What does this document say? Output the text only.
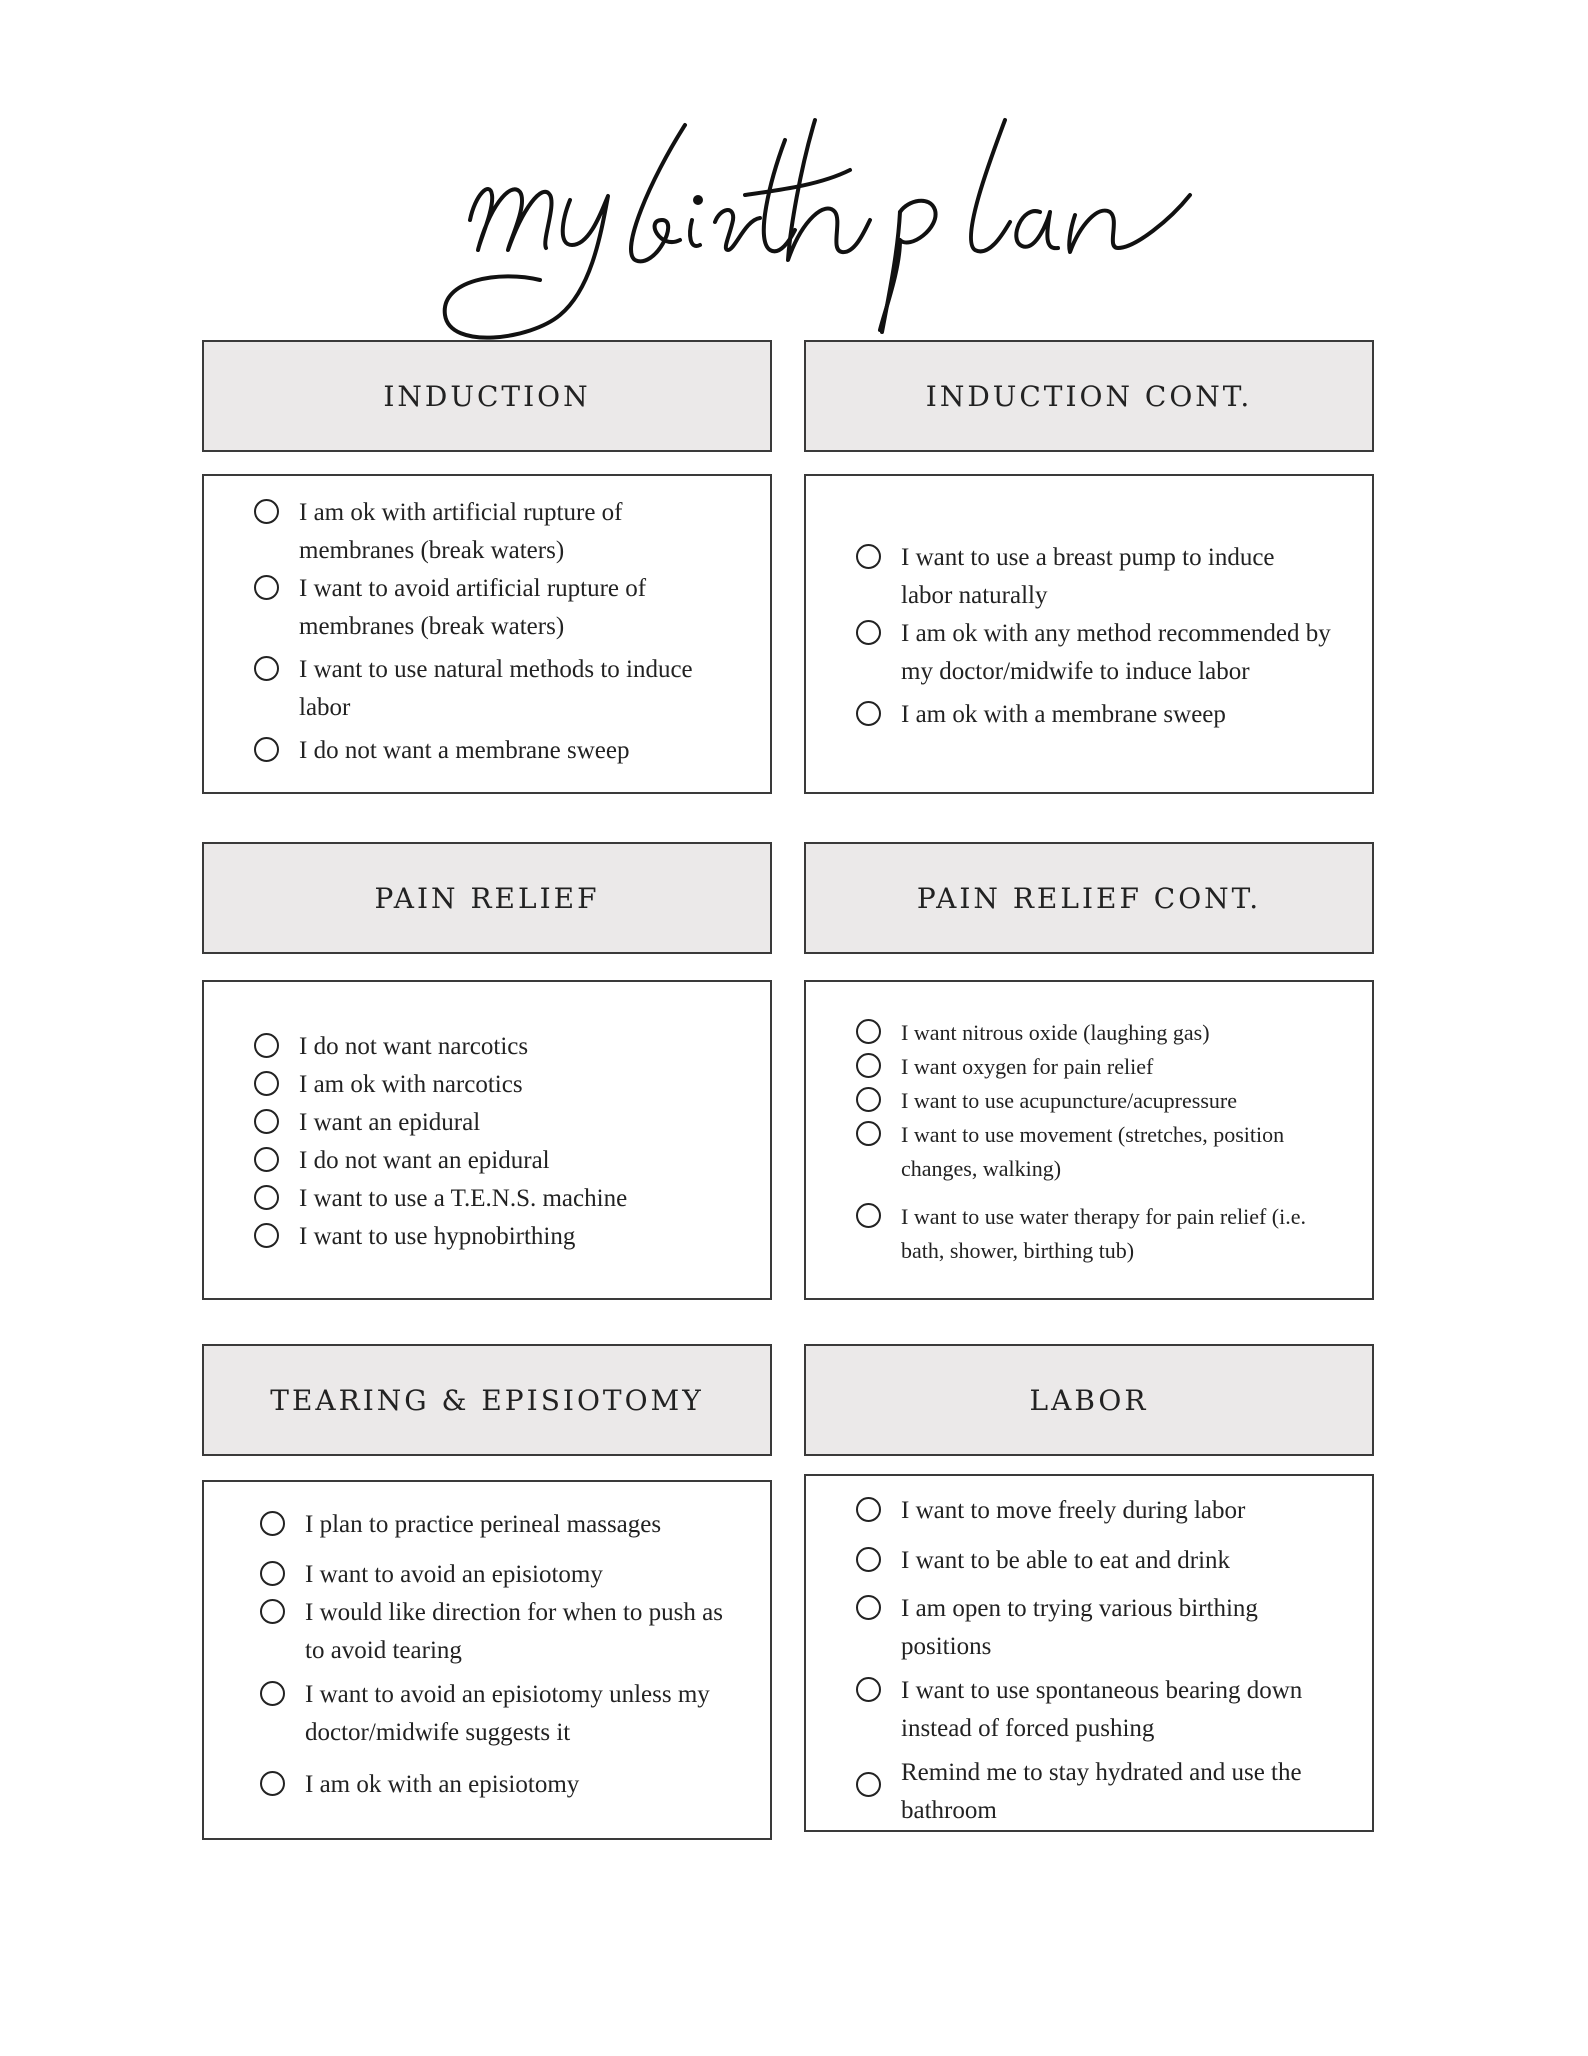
INDUCTION	INDUCTION CONT.
I am ok with artificial rupture of membranes (break waters)
I want to avoid artificial rupture of membranes (break waters)
I want to use natural methods to induce labor
I do not want a membrane sweep
I want to use a breast pump to induce labor naturally
I am ok with any method recommended by my doctor/midwife to induce labor
I am ok with a membrane sweep
PAIN RELIEF	PAIN RELIEF CONT.
I do not want narcotics
I am ok with narcotics
I want an epidural
I do not want an epidural
I want to use a T.E.N.S. machine
I want to use hypnobirthing
I want nitrous oxide (laughing gas)
I want oxygen for pain relief
I want to use acupuncture/acupressure
I want to use movement (stretches, position changes, walking)
I want to use water therapy for pain relief (i.e. bath, shower, birthing tub)
TEARING & EPISIOTOMY	LABOR
I plan to practice perineal massages
I want to avoid an episiotomy
I would like direction for when to push as to avoid tearing
I want to avoid an episiotomy unless my doctor/midwife suggests it
I am ok with an episiotomy
I want to move freely during labor
I want to be able to eat and drink
I am open to trying various birthing positions
I want to use spontaneous bearing down instead of forced pushing
Remind me to stay hydrated and use the bathroom
